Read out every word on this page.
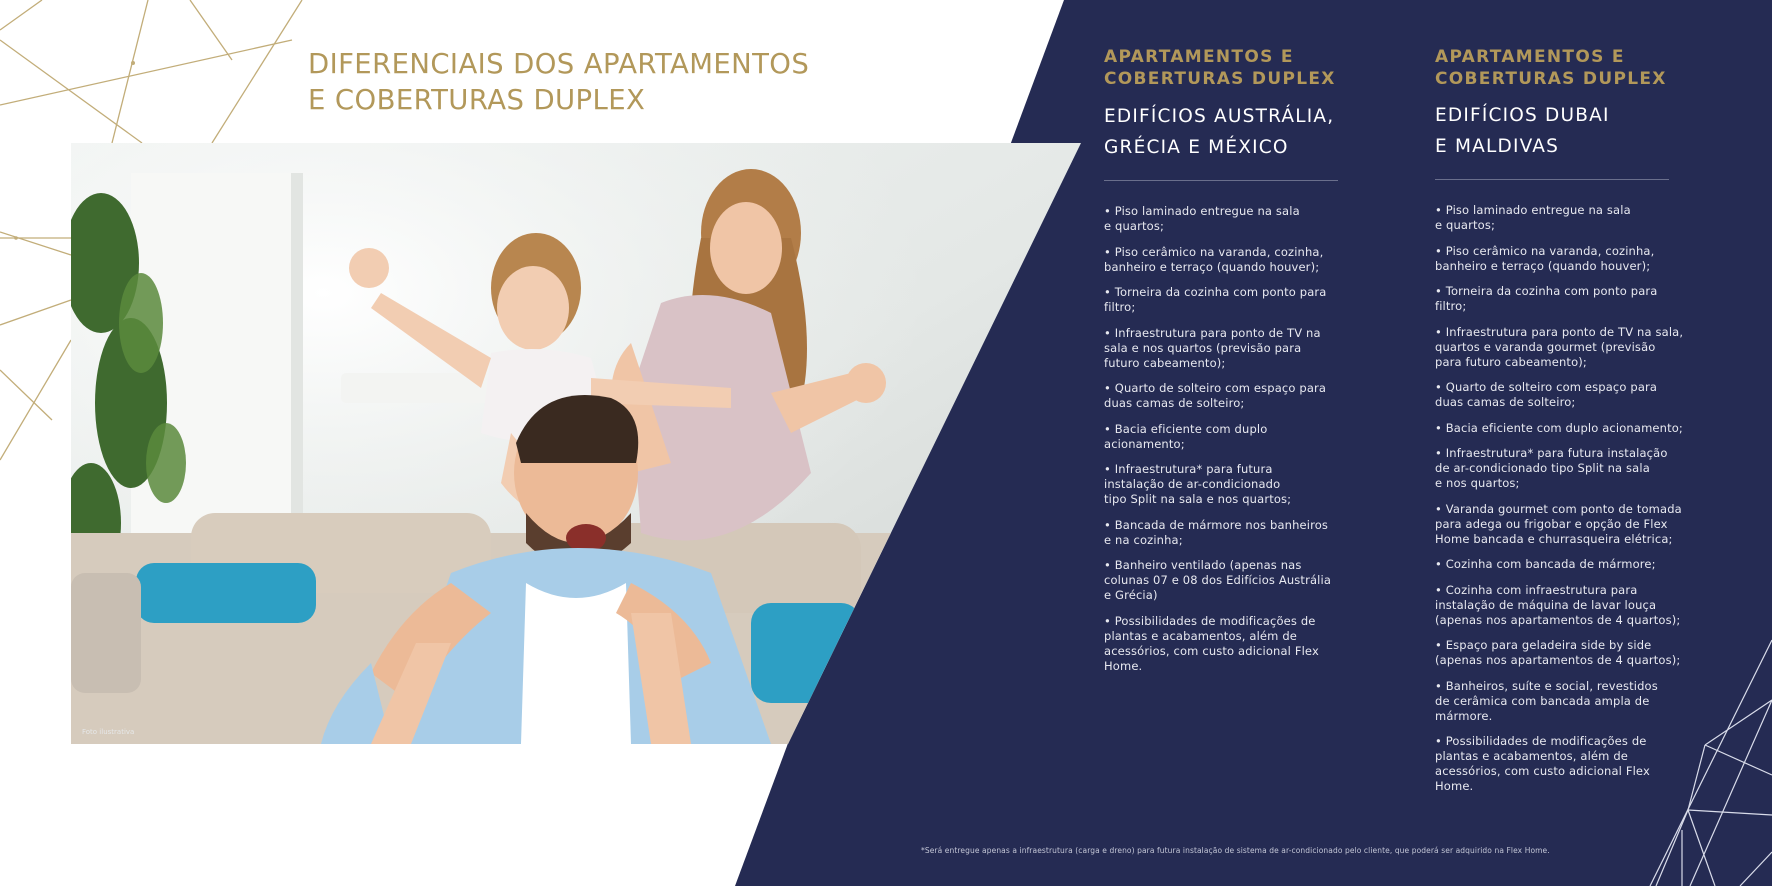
DIFERENCIAIS DOS APARTAMENTOS
E COBERTURAS DUPLEX
Foto ilustrativa
APARTAMENTOS E
COBERTURAS DUPLEX
EDIFÍCIOS AUSTRÁLIA,
GRÉCIA E MÉXICO
• Piso laminado entregue na sala
e quartos;
• Piso cerâmico na varanda, cozinha,
banheiro e terraço (quando houver);
• Torneira da cozinha com ponto para
filtro;
• Infraestrutura para ponto de TV na
sala e nos quartos (previsão para
futuro cabeamento);
• Quarto de solteiro com espaço para
duas camas de solteiro;
• Bacia eficiente com duplo
acionamento;
• Infraestrutura* para futura
instalação de ar-condicionado
tipo Split na sala e nos quartos;
• Bancada de mármore nos banheiros
e na cozinha;
• Banheiro ventilado (apenas nas
colunas 07 e 08 dos Edifícios Austrália
e Grécia)
• Possibilidades de modificações de
plantas e acabamentos, além de
acessórios, com custo adicional Flex
Home.
APARTAMENTOS E
COBERTURAS DUPLEX
EDIFÍCIOS DUBAI
E MALDIVAS
• Piso laminado entregue na sala
e quartos;
• Piso cerâmico na varanda, cozinha,
banheiro e terraço (quando houver);
• Torneira da cozinha com ponto para
filtro;
• Infraestrutura para ponto de TV na sala,
quartos e varanda gourmet (previsão
para futuro cabeamento);
• Quarto de solteiro com espaço para
duas camas de solteiro;
• Bacia eficiente com duplo acionamento;
• Infraestrutura* para futura instalação
de ar-condicionado tipo Split na sala
e nos quartos;
• Varanda gourmet com ponto de tomada
para adega ou frigobar e opção de Flex
Home bancada e churrasqueira elétrica;
• Cozinha com bancada de mármore;
• Cozinha com infraestrutura para
instalação de máquina de lavar louça
(apenas nos apartamentos de 4 quartos);
• Espaço para geladeira side by side
(apenas nos apartamentos de 4 quartos);
• Banheiros, suíte e social, revestidos
de cerâmica com bancada ampla de
mármore.
• Possibilidades de modificações de
plantas e acabamentos, além de
acessórios, com custo adicional Flex
Home.
*Será entregue apenas a infraestrutura (carga e dreno) para futura instalação de sistema de ar-condicionado pelo cliente, que poderá ser adquirido na Flex Home.
